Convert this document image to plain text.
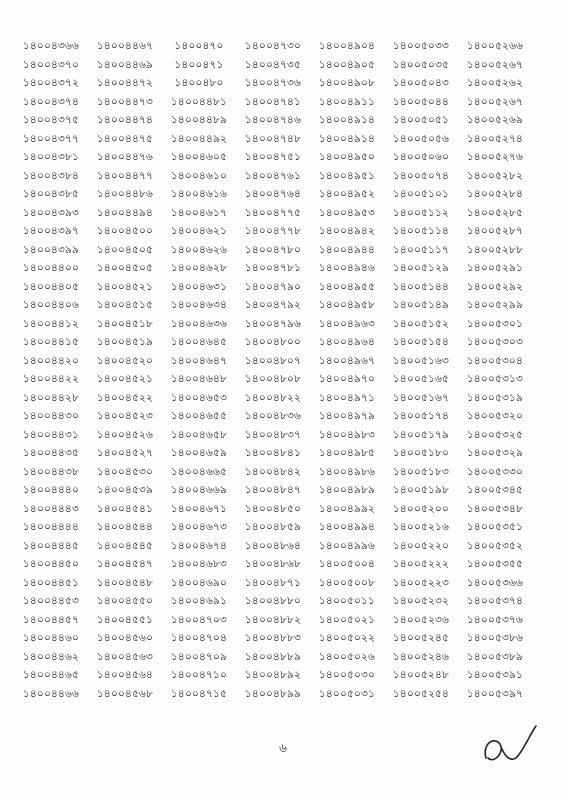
১৪০০৪৩৬৬	১৪০০৪৪৬৭	১৪০০৪৭০	১৪০০৪৭৩০	১৪০০৪৯০৪	১৪০০৫০৩৩	১৪০০৫২৬৬
১৪০০৪৩৭০	১৪০০৪৪৬৯	১৪০০৪৭১	১৪০০৪৭৩৫	১৪০০৪৯০৫	১৪০০৫০৩৫	১৪০০৫২৬৭
১৪০০৪৩৭২	১৪০০৪৪৭২	১৪০০৪৮০	১৪০০৪৭৩৬	১৪০০৪৯০৮	১৪০০৫০৪৩	১৪০০৫২৬২
১৪০০৪৩৭৪	১৪০০৪৪৭৩	১৪০০৪৪৮১	১৪০০৪৭৪১	১৪০০৪৯১১	১৪০০৫০৪৪	১৪০০৫২৬৭
১৪০০৪৩৭৫	১৪০০৪৪৭৪	১৪০০৪৪৮৯	১৪০০৪৭৪৬	১৪০০৪৯১৪	১৪০০৫০৫১	১৪০০৫২৬৯
১৪০০৪৩৭৭	১৪০০৪৪৭৫	১৪০০৪৪৯২	১৪০০৪৭৪৮	১৪০০৪৯১৪	১৪০০৫০৫৬	১৪০০৫২৭৪
১৪০০৪৩৮১	১৪০০৪৪৭৬	১৪০০৪৬০৫	১৪০০৪৭৫১	১৪০০৪৯৫০	১৪০০৫০৬০	১৪০০৫২৭৬
১৪০০৪৩৮৪	১৪০০৪৪৭৭	১৪০০৪৬১০	১৪০০৪৭৬১	১৪০০৪৯৫১	১৪০০৫০৭৪	১৪০০৫২৮২
১৪০০৪৩৮৫	১৪০০৪৪৮৬	১৪০০৪৬১৬	১৪০০৪৭৬৪	১৪০০৪৯৫২	১৪০০৫১০১	১৪০০৫২৮৪
১৪০০৪৩৯৩	১৪০০৪৪৯৪	১৪০০৪৬১৭	১৪০০৪৭৭৫	১৪০০৪৯৫৩	১৪০০৫১১২	১৪০০৫২৮৫
১৪০০৪৩৯৭	১৪০০৪৫০০	১৪০০৪৬২১	১৪০০৪৭৭৮	১৪০০৪৯৪২	১৪০০৫১১৪	১৪০০৫২৮৭
১৪০০৪৩৯৯	১৪০০৪৫০৫	১৪০০৪৬২৬	১৪০০৪৭৮০	১৪০০৪৯৪৪	১৪০০৫১১৭	১৪০০৫২৮৮
১৪০০৪৪০০	১৪০০৪৫০৫	১৪০০৪৬২৮	১৪০০৪৭৮১	১৪০০৪৯৪৬	১৪০০৫১২৯	১৪০০৫২৯১
১৪০০৪৪০৫	১৪০০৪৫২১	১৪০০৪৬৩১	১৪০০৪৭৯০	১৪০০৪৯৫৫	১৪০০৫১৪৪	১৪০০৫২৯২
১৪০০৪৪০৬	১৪০০৪৫১৫	১৪০০৪৬৩৪	১৪০০৪৭৯২	১৪০০৪৯৫৮	১৪০০৫১৪৯	১৪০০৫২৯৯
১৪০০৪৪১২	১৪০০৪৫১৮	১৪০০৪৬৩৬	১৪০০৪৭৯৬	১৪০০৪৯৬৩	১৪০০৫১৫২	১৪০০৫৩০১
১৪০০৪৪১৫	১৪০০৪৫১৯	১৪০০৪৬৪৫	১৪০০৪৮০০	১৪০০৪৯৬৪	১৪০০৫১৫৪	১৪০০৫৩০৩
১৪০০৪৪২০	১৪০০৪৫২০	১৪০০৪৬৪৭	১৪০০৪৮০৭	১৪০০৪৯৬৭	১৪০০৫১৬৩	১৪০০৫৩০৪
১৪০০৪৪২২	১৪০০৪৫২১	১৪০০৪৬৪৮	১৪০০৪৮০৮	১৪০০৪৯৭০	১৪০০৫১৬৫	১৪০০৫৩১৩
১৪০০৪৪২৮	১৪০০৪৫২২	১৪০০৪৬৫৩	১৪০০৪৮২২	১৪০০৪৯৭১	১৪০০৫১৬৭	১৪০০৫৩১৯
১৪০০৪৪৩০	১৪০০৪৫২৩	১৪০০৪৬৫৫	১৪০০৪৮৩৬	১৪০০৪৯৭৯	১৪০০৫১৭৪	১৪০০৫৩২০
১৪০০৪৪৩১	১৪০০৪৫২৬	১৪০০৪৬৫৮	১৪০০৪৮৩৭	১৪০০৪৯৮৩	১৪০০৫১৭৯	১৪০০৫৩২৫
১৪০০৪৪৩৫	১৪০০৪৫২৭	১৪০০৪৬৫৯	১৪০০৪৮৪১	১৪০০৪৯৮৫	১৪০০৫১৮০	১৪০০৫৩২৯
১৪০০৪৪৩৮	১৪০০৪৫৩০	১৪০০৪৬৬৫	১৪০০৪৮৪২	১৪০০৪৯৮৬	১৪০০৫১৮৩	১৪০০৫৩৩০
১৪০০৪৪৪০	১৪০০৪৫৩৯	১৪০০৪৬৬৯	১৪০০৪৮৪৭	১৪০০৪৯৮৯	১৪০০৫১৯৮	১৪০০৫৩৪৫
১৪০০৪৪৪৩	১৪০০৪৫৪১	১৪০০৪৬৭১	১৪০০৪৮৫০	১৪০০৪৯৯২	১৪০০৫২০০	১৪০০৫৩৪৮
১৪০০৪৪৪৪	১৪০০৪৫৪৪	১৪০০৪৬৭৩	১৪০০৪৮৫৯	১৪০০৪৯৯৪	১৪০০৫২১৬	১৪০০৫৩৫১
১৪০০৪৪৪৫	১৪০০৪৫৪৫	১৪০০৪৬৭৪	১৪০০৪৮৬৪	১৪০০৪৯৯৬	১৪০০৫২২০	১৪০০৫৩৫২
১৪০০৪৪৫০	১৪০০৪৫৪৭	১৪০০৪৬৮৩	১৪০০৪৮৬৮	১৪০০৫০০৪	১৪০০৫২২২	১৪০০৫৩৫৫
১৪০০৪৪৫১	১৪০০৪৫৪৮	১৪০০৪৬৯০	১৪০০৪৮৭১	১৪০০৫০০৮	১৪০০৫২২৩	১৪০০৫৩৬৬
১৪০০৪৪৫৩	১৪০০৪৫৫০	১৪০০৪৬৯১	১৪০০৪৮৮০	১৪০০৫০১১	১৪০০৫২৩২	১৪০০৫৩৭৪
১৪০০৪৪৫৭	১৪০০৪৫৫১	১৪০০৪৭০৩	১৪০০৪৮৮২	১৪০০৫০২১	১৪০০৫২৩৬	১৪০০৫৩৭৬
১৪০০৪৪৬০	১৪০০৪৫৬০	১৪০০৪৭০৪	১৪০০৪৮৮৩	১৪০০৫০২২	১৪০০৫২৪৫	১৪০০৫৩৮৬
১৪০০৪৪৬২	১৪০০৪৫৬৩	১৪০০৪৭০৯	১৪০০৪৮৮৯	১৪০০৫০২৬	১৪০০৫২৪৬	১৪০০৫৩৮৯
১৪০০৪৪৬৫	১৪০০৪৫৬৪	১৪০০৪৭১০	১৪০০৪৮৯২	১৪০০৫০৩০	১৪০০৫২৪৮	১৪০০৫৩৯১
১৪০০৪৪৬৬	১৪০০৪৫৬৮	১৪০০৪৭১৫	১৪০০৪৮৯৯	১৪০০৫০৩১	১৪০০৫২৫৪	১৪০০৫৩৯৭
৬
